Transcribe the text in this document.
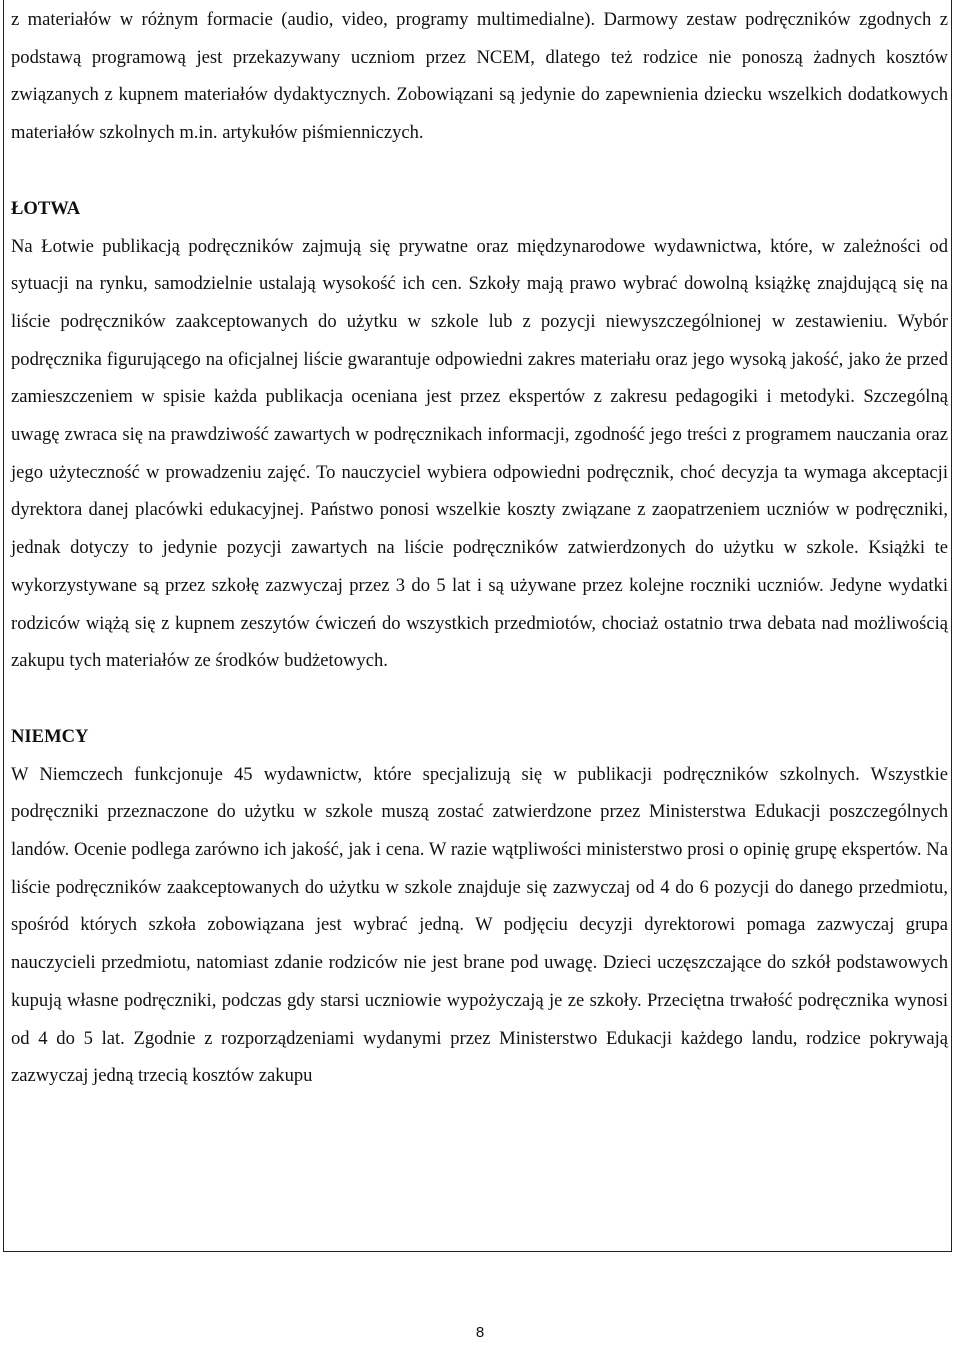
z materiałów w różnym formacie (audio, video, programy multimedialne). Darmowy zestaw podręczników zgodnych z podstawą programową jest przekazywany uczniom przez NCEM, dlatego też rodzice nie ponoszą żadnych kosztów związanych z kupnem materiałów dydaktycznych. Zobowiązani są jedynie do zapewnienia dziecku wszelkich dodatkowych materiałów szkolnych m.in. artykułów piśmienniczych.

ŁOTWA

Na Łotwie publikacją podręczników zajmują się prywatne oraz międzynarodowe wydawnictwa, które, w zależności od sytuacji na rynku, samodzielnie ustalają wysokość ich cen. Szkoły mają prawo wybrać dowolną książkę znajdującą się na liście podręczników zaakceptowanych do użytku w szkole lub z pozycji niewyszczególnionej w zestawieniu. Wybór podręcznika figurującego na oficjalnej liście gwarantuje odpowiedni zakres materiału oraz jego wysoką jakość, jako że przed zamieszczeniem w spisie każda publikacja oceniana jest przez ekspertów z zakresu pedagogiki i metodyki. Szczególną uwagę zwraca się na prawdziwość zawartych w podręcznikach informacji, zgodność jego treści z programem nauczania oraz jego użyteczność w prowadzeniu zajęć. To nauczyciel wybiera odpowiedni podręcznik, choć decyzja ta wymaga akceptacji dyrektora danej placówki edukacyjnej. Państwo ponosi wszelkie koszty związane z zaopatrzeniem uczniów w podręczniki, jednak dotyczy to jedynie pozycji zawartych na liście podręczników zatwierdzonych do użytku w szkole. Książki te wykorzystywane są przez szkołę zazwyczaj przez 3 do 5 lat i są używane przez kolejne roczniki uczniów. Jedyne wydatki rodziców wiążą się z kupnem zeszytów ćwiczeń do wszystkich przedmiotów, chociaż ostatnio trwa debata nad możliwością zakupu tych materiałów ze środków budżetowych.

NIEMCY

W Niemczech funkcjonuje 45 wydawnictw, które specjalizują się w publikacji podręczników szkolnych. Wszystkie podręczniki przeznaczone do użytku w szkole muszą zostać zatwierdzone przez Ministerstwa Edukacji poszczególnych landów. Ocenie podlega zarówno ich jakość, jak i cena. W razie wątpliwości ministerstwo prosi o opinię grupę ekspertów. Na liście podręczników zaakceptowanych do użytku w szkole znajduje się zazwyczaj od 4 do 6 pozycji do danego przedmiotu, spośród których szkoła zobowiązana jest wybrać jedną. W podjęciu decyzji dyrektorowi pomaga zazwyczaj grupa nauczycieli przedmiotu, natomiast zdanie rodziców nie jest brane pod uwagę. Dzieci uczęszczające do szkół podstawowych kupują własne podręczniki, podczas gdy starsi uczniowie wypożyczają je ze szkoły. Przeciętna trwałość podręcznika wynosi od 4 do 5 lat. Zgodnie z rozporządzeniami wydanymi przez Ministerstwo Edukacji każdego landu, rodzice pokrywają zazwyczaj jedną trzecią kosztów zakupu

8
